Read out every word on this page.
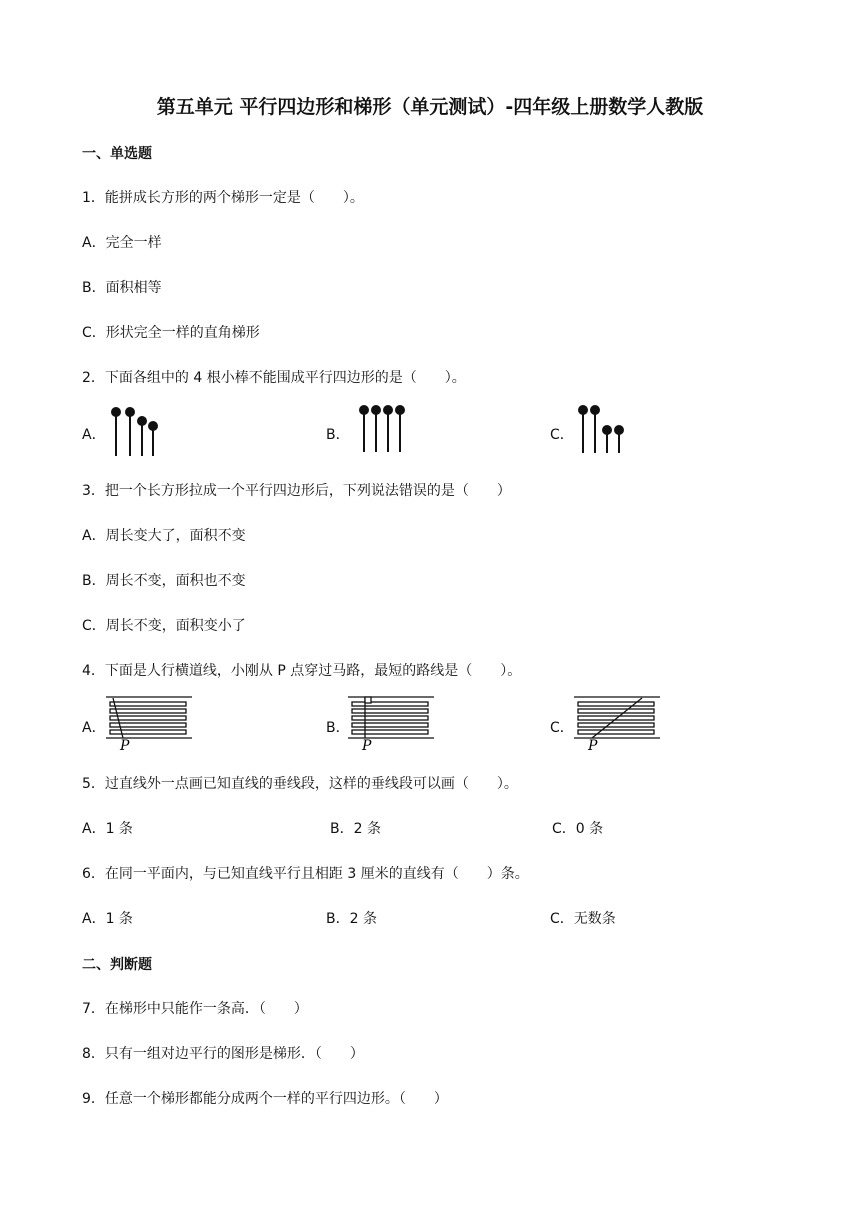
第五单元 平行四边形和梯形（单元测试）-四年级上册数学人教版
一、单选题
1．能拼成长方形的两个梯形一定是（　　）。
A．完全一样
B．面积相等
C．形状完全一样的直角梯形
2．下面各组中的 4 根小棒不能围成平行四边形的是（　　）。
A．	B．	C．
3．把一个长方形拉成一个平行四边形后，下列说法错误的是（　　）
A．周长变大了，面积不变
B．周长不变，面积也不变
C．周长不变，面积变小了
4．下面是人行横道线，小刚从 P 点穿过马路，最短的路线是（　　）。
A．
P
B．
P
C．
P
5．过直线外一点画已知直线的垂线段，这样的垂线段可以画（　　）。
A．1 条	B．2 条	C．0 条
6．在同一平面内，与已知直线平行且相距 3 厘米的直线有（　　）条。
A．1 条	B．2 条	C．无数条
二、判断题
7．在梯形中只能作一条高．（　　）
8．只有一组对边平行的图形是梯形．（　　）
9．任意一个梯形都能分成两个一样的平行四边形。（　　）
